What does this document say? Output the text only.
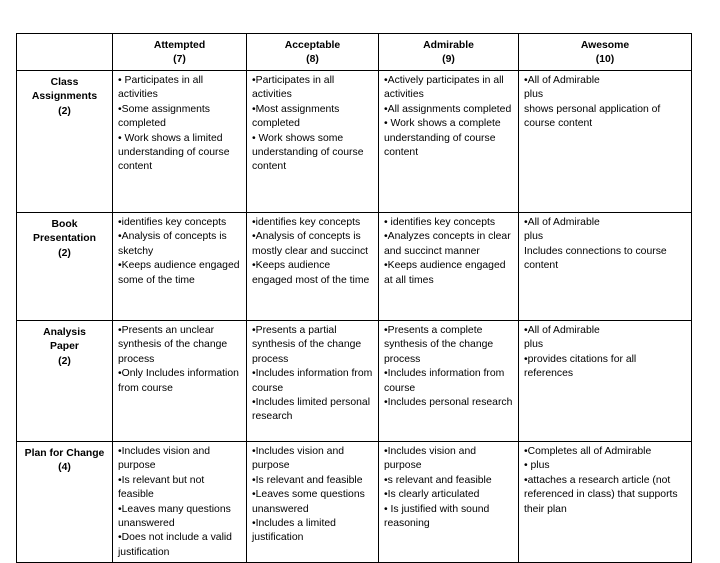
	Attempted
(7)	Acceptable
(8)	Admirable
(9)	Awesome
(10)

Class
Assignments
(2)	• Participates in all activities
•Some assignments completed
• Work shows a limited understanding of course content	•Participates in all activities
•Most assignments completed
• Work shows some understanding of course content	•Actively participates in all activities
•All assignments completed
• Work shows a complete understanding of course content	•All of Admirable
plus
shows personal application of course content

Book
Presentation
(2)	•identifies key concepts
•Analysis of concepts is sketchy
•Keeps audience engaged some of the time	•identifies key concepts
•Analysis of concepts is mostly clear and succinct
•Keeps audience engaged most of the time	• identifies key concepts
•Analyzes concepts in clear and succinct manner
•Keeps audience engaged at all times	•All of Admirable
plus
Includes connections to course content

Analysis
Paper
(2)	•Presents an unclear synthesis of the change process
•Only Includes information from course	•Presents a partial synthesis of the change process
•Includes information from course
•Includes limited personal research	•Presents a complete synthesis of the change process
•Includes information from course
•Includes personal research	•All of Admirable
plus
•provides citations for all references

Plan for Change
(4)	•Includes vision and purpose
•Is relevant but not feasible
•Leaves many questions unanswered
•Does not include a valid justification	•Includes vision and purpose
•Is relevant and feasible
•Leaves some questions unanswered
•Includes a limited justification	•Includes vision and purpose
•s relevant and feasible
•Is clearly articulated
• Is justified with sound reasoning	•Completes all of Admirable
• plus
•attaches a research article (not referenced in class) that supports their plan
